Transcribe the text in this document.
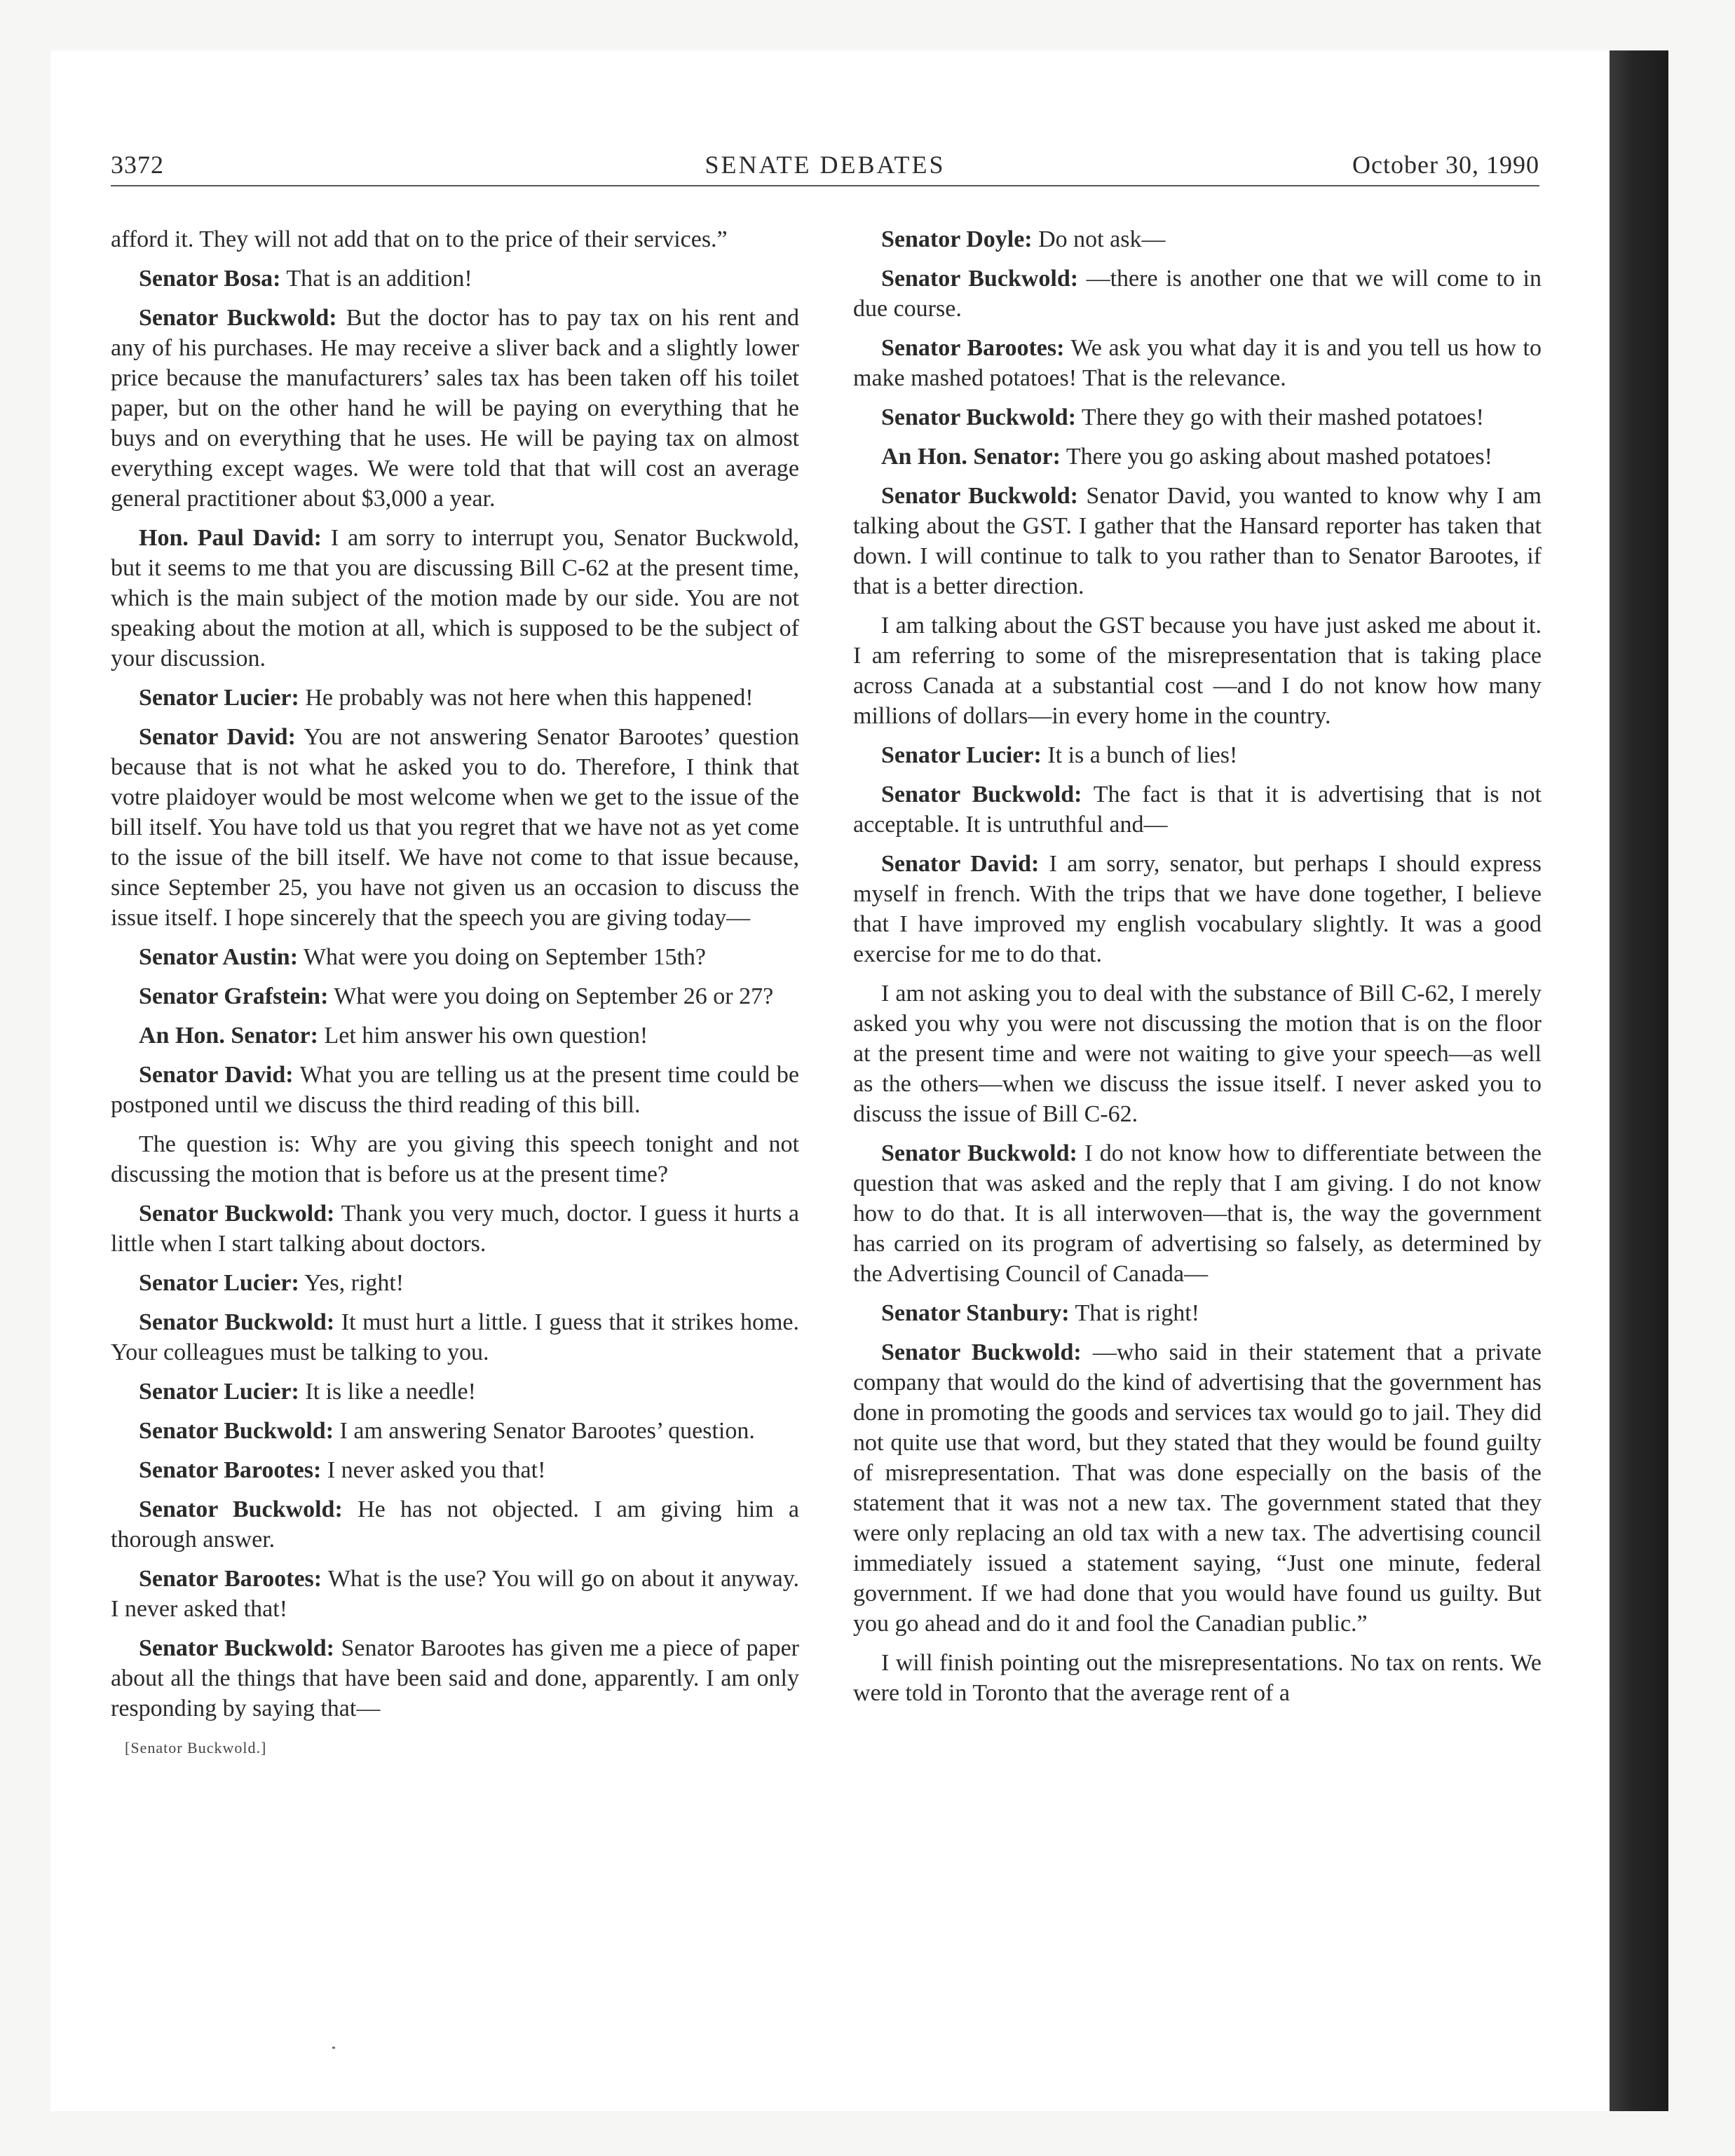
3372	SENATE DEBATES	October 30, 1990

afford it. They will not add that on to the price of their services.”

Senator Bosa: That is an addition!

Senator Buckwold: But the doctor has to pay tax on his rent and any of his purchases. He may receive a sliver back and a slightly lower price because the manufacturers’ sales tax has been taken off his toilet paper, but on the other hand he will be paying on everything that he buys and on everything that he uses. He will be paying tax on almost everything except wages. We were told that that will cost an average general practitioner about $3,000 a year.

Hon. Paul David: I am sorry to interrupt you, Senator Buckwold, but it seems to me that you are discussing Bill C-62 at the present time, which is the main subject of the motion made by our side. You are not speaking about the motion at all, which is supposed to be the subject of your discussion.

Senator Lucier: He probably was not here when this happened!

Senator David: You are not answering Senator Barootes’ question because that is not what he asked you to do. Therefore, I think that votre plaidoyer would be most welcome when we get to the issue of the bill itself. You have told us that you regret that we have not as yet come to the issue of the bill itself. We have not come to that issue because, since September 25, you have not given us an occasion to discuss the issue itself. I hope sincerely that the speech you are giving today—

Senator Austin: What were you doing on September 15th?

Senator Grafstein: What were you doing on September 26 or 27?

An Hon. Senator: Let him answer his own question!

Senator David: What you are telling us at the present time could be postponed until we discuss the third reading of this bill.

The question is: Why are you giving this speech tonight and not discussing the motion that is before us at the present time?

Senator Buckwold: Thank you very much, doctor. I guess it hurts a little when I start talking about doctors.

Senator Lucier: Yes, right!

Senator Buckwold: It must hurt a little. I guess that it strikes home. Your colleagues must be talking to you.

Senator Lucier: It is like a needle!

Senator Buckwold: I am answering Senator Barootes’ question.

Senator Barootes: I never asked you that!

Senator Buckwold: He has not objected. I am giving him a thorough answer.

Senator Barootes: What is the use? You will go on about it anyway. I never asked that!

Senator Buckwold: Senator Barootes has given me a piece of paper about all the things that have been said and done, apparently. I am only responding by saying that—

[Senator Buckwold.]

Senator Doyle: Do not ask—

Senator Buckwold: —there is another one that we will come to in due course.

Senator Barootes: We ask you what day it is and you tell us how to make mashed potatoes! That is the relevance.

Senator Buckwold: There they go with their mashed potatoes!

An Hon. Senator: There you go asking about mashed potatoes!

Senator Buckwold: Senator David, you wanted to know why I am talking about the GST. I gather that the Hansard reporter has taken that down. I will continue to talk to you rather than to Senator Barootes, if that is a better direction.

I am talking about the GST because you have just asked me about it. I am referring to some of the misrepresentation that is taking place across Canada at a substantial cost —and I do not know how many millions of dollars—in every home in the country.

Senator Lucier: It is a bunch of lies!

Senator Buckwold: The fact is that it is advertising that is not acceptable. It is untruthful and—

Senator David: I am sorry, senator, but perhaps I should express myself in french. With the trips that we have done together, I believe that I have improved my english vocabulary slightly. It was a good exercise for me to do that.

I am not asking you to deal with the substance of Bill C-62, I merely asked you why you were not discussing the motion that is on the floor at the present time and were not waiting to give your speech—as well as the others—when we discuss the issue itself. I never asked you to discuss the issue of Bill C-62.

Senator Buckwold: I do not know how to differentiate between the question that was asked and the reply that I am giving. I do not know how to do that. It is all interwoven—that is, the way the government has carried on its program of advertising so falsely, as determined by the Advertising Council of Canada—

Senator Stanbury: That is right!

Senator Buckwold: —who said in their statement that a private company that would do the kind of advertising that the government has done in promoting the goods and services tax would go to jail. They did not quite use that word, but they stated that they would be found guilty of misrepresentation. That was done especially on the basis of the statement that it was not a new tax. The government stated that they were only replacing an old tax with a new tax. The advertising council immediately issued a statement saying, “Just one minute, federal government. If we had done that you would have found us guilty. But you go ahead and do it and fool the Canadian public.”

I will finish pointing out the misrepresentations. No tax on rents. We were told in Toronto that the average rent of a
